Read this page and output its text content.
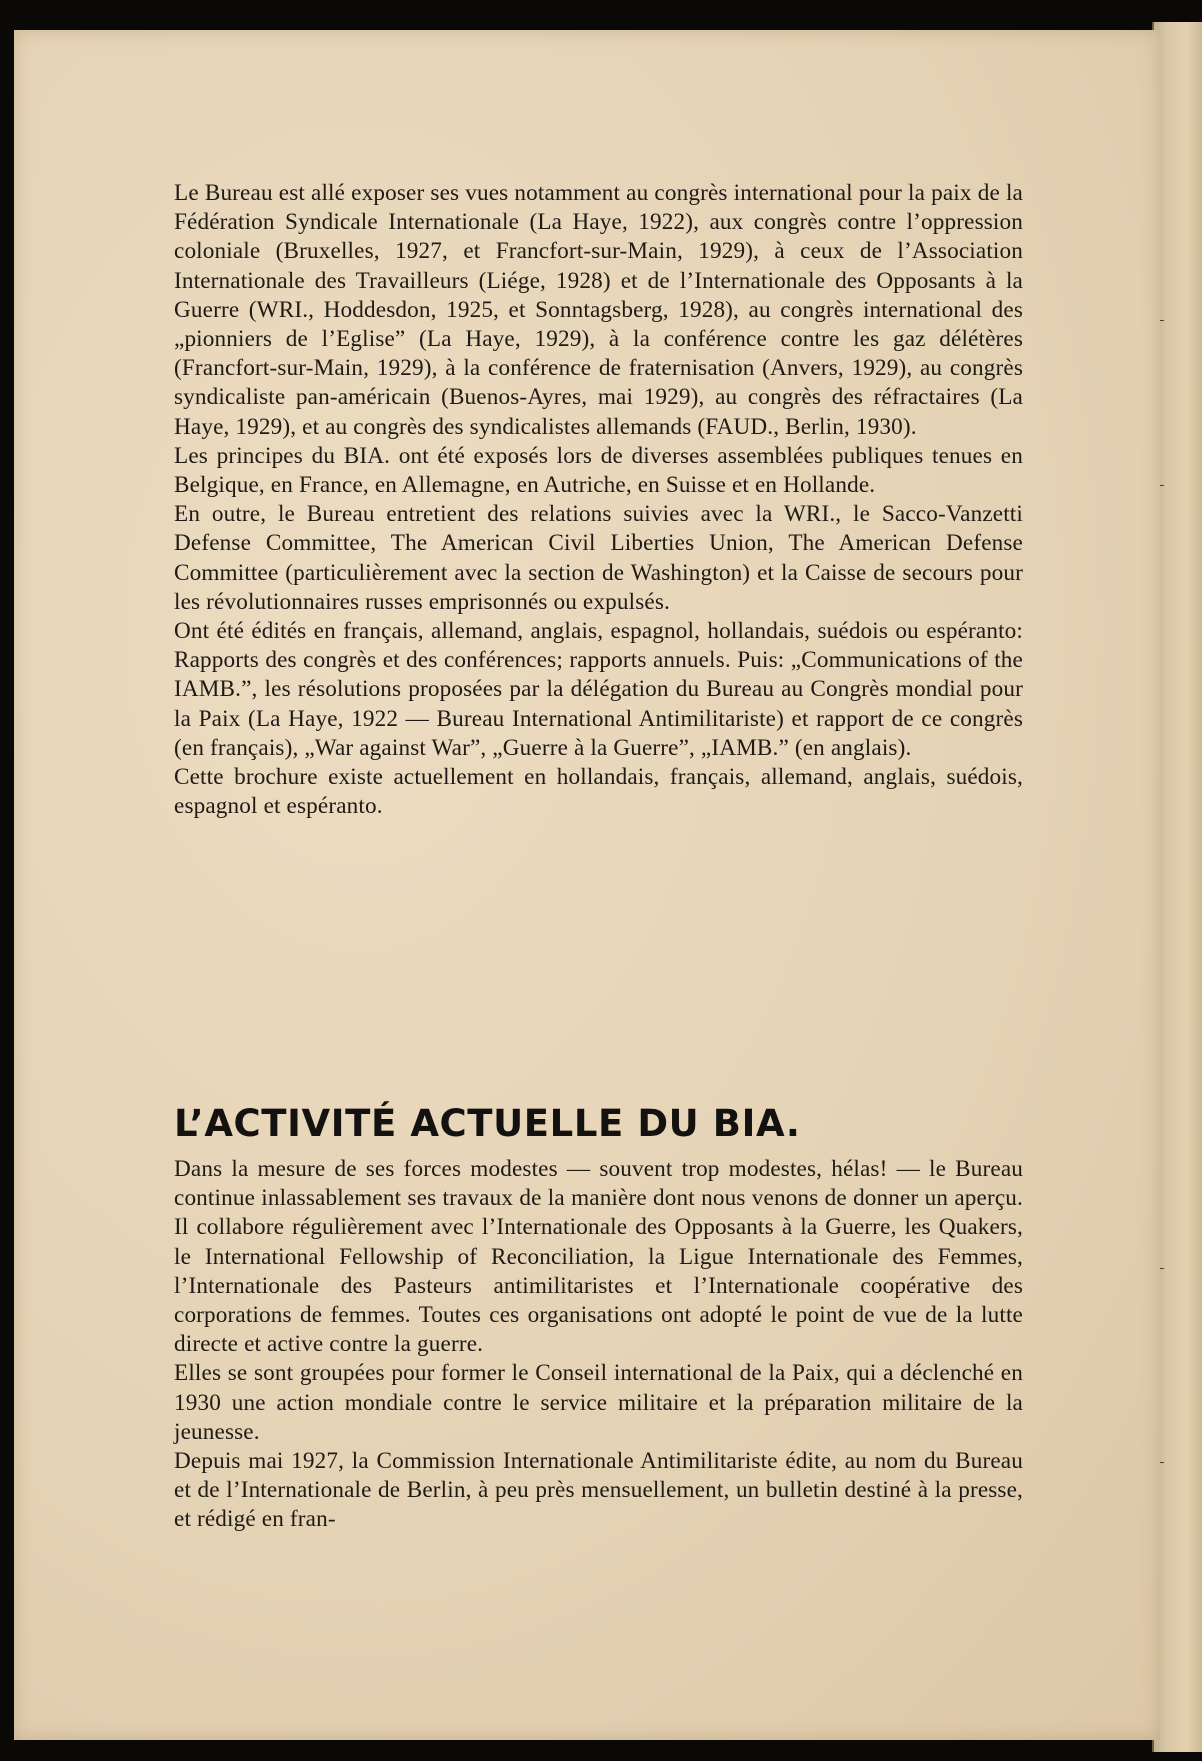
Le Bureau est allé exposer ses vues notamment au congrès international pour la paix de la Fédération Syndicale Internationale (La Haye, 1922), aux congrès contre l’oppression coloniale (Bruxelles, 1927, et Francfort-sur-Main, 1929), à ceux de l’Association Internationale des Travailleurs (Liége, 1928) et de l’Internationale des Opposants à la Guerre (WRI., Hoddesdon, 1925, et Sonntagsberg, 1928), au congrès international des „pionniers de l’Eglise” (La Haye, 1929), à la conférence contre les gaz délétères (Francfort-sur-Main, 1929), à la conférence de fraternisation (Anvers, 1929), au congrès syndicaliste pan-américain (Buenos-Ayres, mai 1929), au congrès des réfractaires (La Haye, 1929), et au congrès des syndicalistes allemands (FAUD., Berlin, 1930).

Les principes du BIA. ont été exposés lors de diverses assemblées publiques tenues en Belgique, en France, en Allemagne, en Autriche, en Suisse et en Hollande.

En outre, le Bureau entretient des relations suivies avec la WRI., le Sacco-Vanzetti Defense Committee, The American Civil Liberties Union, The American Defense Committee (particulièrement avec la section de Washington) et la Caisse de secours pour les révolutionnaires russes emprisonnés ou expulsés.

Ont été édités en français, allemand, anglais, espagnol, hollandais, suédois ou espéranto: Rapports des congrès et des conférences; rapports annuels. Puis: „Communications of the IAMB.”, les résolutions proposées par la délégation du Bureau au Congrès mondial pour la Paix (La Haye, 1922 — Bureau International Antimilitariste) et rapport de ce congrès (en français), „War against War”, „Guerre à la Guerre”, „IAMB.” (en anglais).

Cette brochure existe actuellement en hollandais, français, allemand, anglais, suédois, espagnol et espéranto.

L’ACTIVITÉ ACTUELLE DU BIA.

Dans la mesure de ses forces modestes — souvent trop modestes, hélas! — le Bureau continue inlassablement ses travaux de la manière dont nous venons de donner un aperçu. Il collabore régulièrement avec l’Internationale des Opposants à la Guerre, les Quakers, le International Fellowship of Reconciliation, la Ligue Internationale des Femmes, l’Internationale des Pasteurs antimilitaristes et l’Internationale coopérative des corporations de femmes. Toutes ces organisations ont adopté le point de vue de la lutte directe et active contre la guerre.

Elles se sont groupées pour former le Conseil international de la Paix, qui a déclenché en 1930 une action mondiale contre le service militaire et la préparation militaire de la jeunesse.

Depuis mai 1927, la Commission Internationale Antimilitariste édite, au nom du Bureau et de l’Internationale de Berlin, à peu près mensuellement, un bulletin destiné à la presse, et rédigé en fran-
